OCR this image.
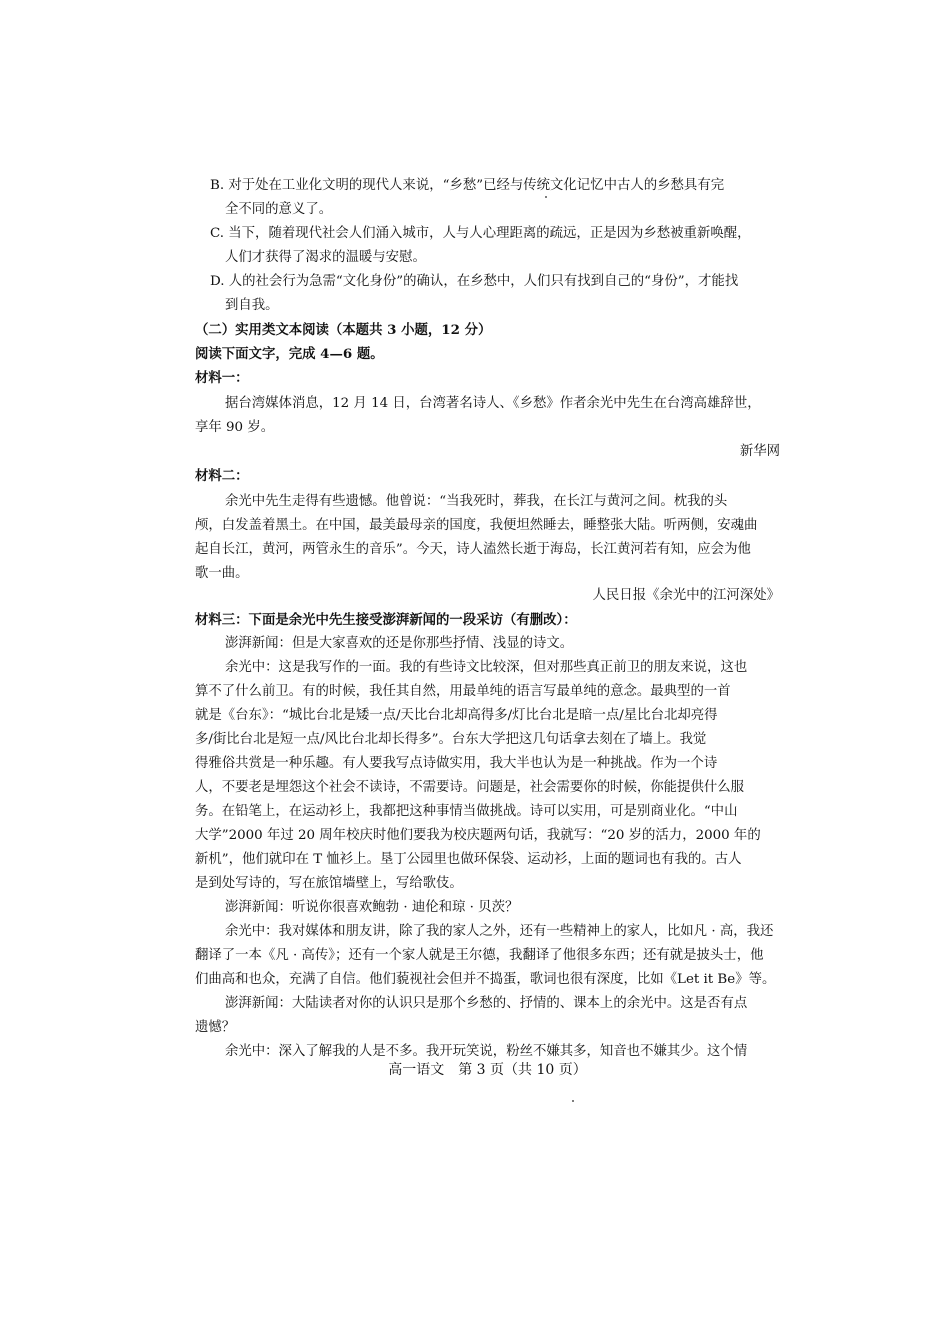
B. 对于处在工业化文明的现代人来说，“乡愁”已经与传统文化记忆中古人的乡愁具有完
全不同的意义了。
C. 当下，随着现代社会人们涌入城市，人与人心理距离的疏远，正是因为乡愁被重新唤醒，
人们才获得了渴求的温暖与安慰。
D. 人的社会行为急需“文化身份”的确认，在乡愁中，人们只有找到自己的“身份”，才能找
到自我。
（二）实用类文本阅读（本题共 3 小题，12 分）
阅读下面文字，完成 4—6 题。
材料一：
据台湾媒体消息，12 月 14 日，台湾著名诗人、《乡愁》作者余光中先生在台湾高雄辞世，
享年 90 岁。
新华网
材料二：
余光中先生走得有些遗憾。他曾说：“当我死时，葬我，在长江与黄河之间。枕我的头
颅，白发盖着黑土。在中国，最美最母亲的国度，我便坦然睡去，睡整张大陆。听两侧，安魂曲
起自长江，黄河，两管永生的音乐”。今天，诗人溘然长逝于海岛，长江黄河若有知，应会为他
歌一曲。
人民日报《余光中的江河深处》
材料三：下面是余光中先生接受澎湃新闻的一段采访（有删改）：
澎湃新闻：但是大家喜欢的还是你那些抒情、浅显的诗文。
余光中：这是我写作的一面。我的有些诗文比较深，但对那些真正前卫的朋友来说，这也
算不了什么前卫。有的时候，我任其自然，用最单纯的语言写最单纯的意念。最典型的一首
就是《台东》：“城比台北是矮一点/天比台北却高得多/灯比台北是暗一点/星比台北却亮得
多/街比台北是短一点/风比台北却长得多”。台东大学把这几句话拿去刻在了墙上。我觉
得雅俗共赏是一种乐趣。有人要我写点诗做实用，我大半也认为是一种挑战。作为一个诗
人，不要老是埋怨这个社会不读诗，不需要诗。问题是，社会需要你的时候，你能提供什么服
务。在铅笔上，在运动衫上，我都把这种事情当做挑战。诗可以实用，可是别商业化。“中山
大学”2000 年过 20 周年校庆时他们要我为校庆题两句话，我就写：“20 岁的活力，2000 年的
新机”，他们就印在 T 恤衫上。垦丁公园里也做环保袋、运动衫，上面的题词也有我的。古人
是到处写诗的，写在旅馆墙壁上，写给歌伎。
澎湃新闻：听说你很喜欢鲍勃 · 迪伦和琼 · 贝茨？
余光中：我对媒体和朋友讲，除了我的家人之外，还有一些精神上的家人，比如凡 · 高，我还
翻译了一本《凡 · 高传》；还有一个家人就是王尔德，我翻译了他很多东西；还有就是披头士，他
们曲高和也众，充满了自信。他们藐视社会但并不捣蛋，歌词也很有深度，比如《Let it Be》等。
澎湃新闻：大陆读者对你的认识只是那个乡愁的、抒情的、课本上的余光中。这是否有点
遗憾？
余光中：深入了解我的人是不多。我开玩笑说，粉丝不嫌其多，知音也不嫌其少。这个情
高一语文　第 3 页（共 10 页）
